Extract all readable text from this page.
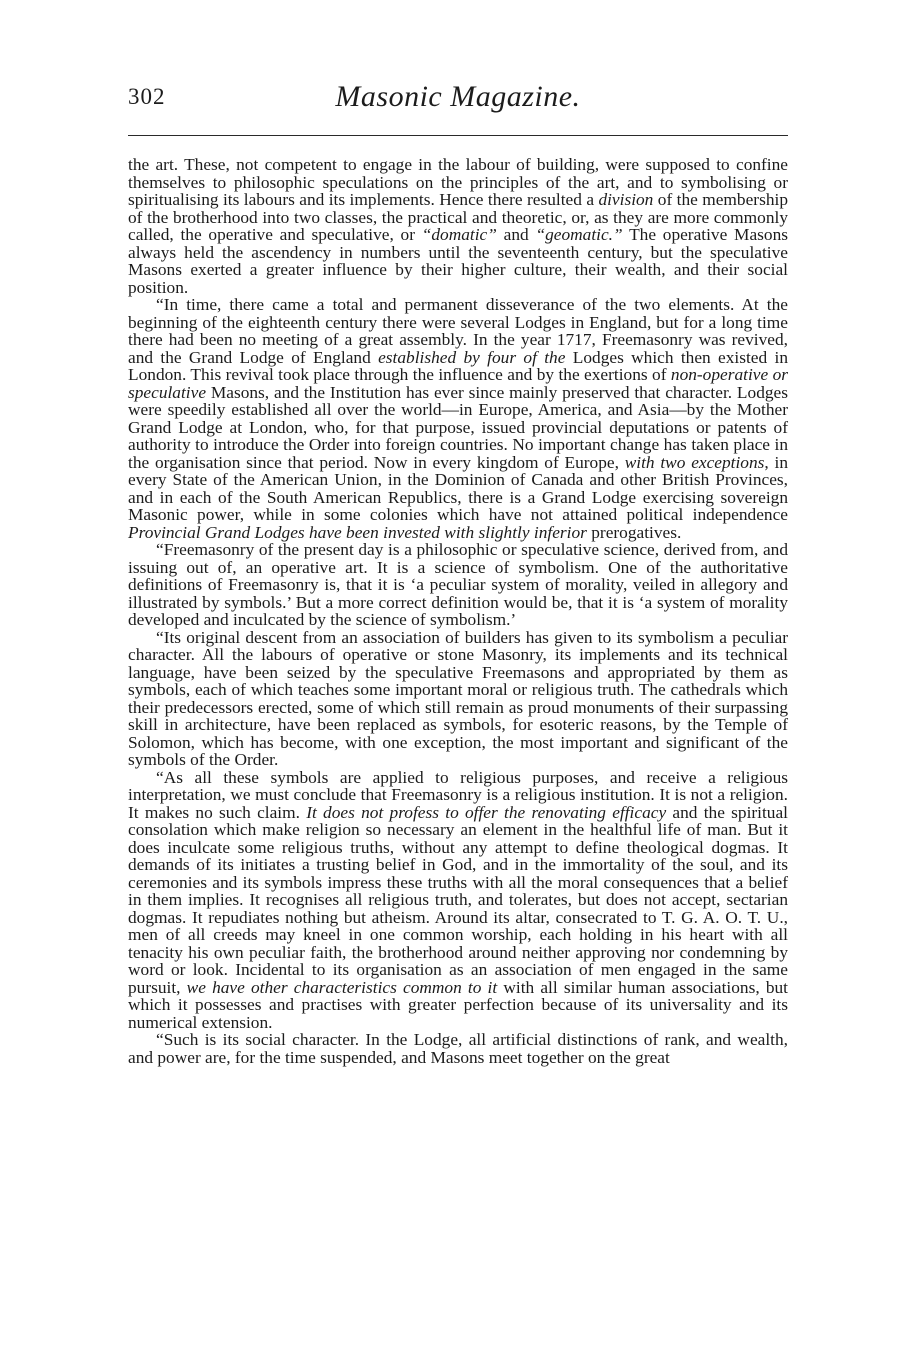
302	Masonic Magazine.

the art. These, not competent to engage in the labour of building, were supposed to confine themselves to philosophic speculations on the principles of the art, and to symbolising or spiritualising its labours and its implements. Hence there resulted a division of the membership of the brotherhood into two classes, the practical and theoretic, or, as they are more commonly called, the operative and speculative, or “domatic” and “geomatic.” The operative Masons always held the ascendency in numbers until the seventeenth century, but the speculative Masons exerted a greater influence by their higher culture, their wealth, and their social position.

“In time, there came a total and permanent disseverance of the two elements. At the beginning of the eighteenth century there were several Lodges in England, but for a long time there had been no meeting of a great assembly. In the year 1717, Freemasonry was revived, and the Grand Lodge of England established by four of the Lodges which then existed in London. This revival took place through the influence and by the exertions of non-operative or speculative Masons, and the Institution has ever since mainly preserved that character. Lodges were speedily established all over the world—in Europe, America, and Asia—by the Mother Grand Lodge at London, who, for that purpose, issued provincial deputations or patents of authority to introduce the Order into foreign countries. No important change has taken place in the organisation since that period. Now in every kingdom of Europe, with two exceptions, in every State of the American Union, in the Dominion of Canada and other British Provinces, and in each of the South American Republics, there is a Grand Lodge exercising sovereign Masonic power, while in some colonies which have not attained political independence Provincial Grand Lodges have been invested with slightly inferior prerogatives.

“Freemasonry of the present day is a philosophic or speculative science, derived from, and issuing out of, an operative art. It is a science of symbolism. One of the authoritative definitions of Freemasonry is, that it is ‘a peculiar system of morality, veiled in allegory and illustrated by symbols.’ But a more correct definition would be, that it is ‘a system of morality developed and inculcated by the science of symbolism.’

“Its original descent from an association of builders has given to its symbolism a peculiar character. All the labours of operative or stone Masonry, its implements and its technical language, have been seized by the speculative Freemasons and appropriated by them as symbols, each of which teaches some important moral or religious truth. The cathedrals which their predecessors erected, some of which still remain as proud monuments of their surpassing skill in architecture, have been replaced as symbols, for esoteric reasons, by the Temple of Solomon, which has become, with one exception, the most important and significant of the symbols of the Order.

“As all these symbols are applied to religious purposes, and receive a religious interpretation, we must conclude that Freemasonry is a religious institution. It is not a religion. It makes no such claim. It does not profess to offer the renovating efficacy and the spiritual consolation which make religion so necessary an element in the healthful life of man. But it does inculcate some religious truths, without any attempt to define theological dogmas. It demands of its initiates a trusting belief in God, and in the immortality of the soul, and its ceremonies and its symbols impress these truths with all the moral consequences that a belief in them implies. It recognises all religious truth, and tolerates, but does not accept, sectarian dogmas. It repudiates nothing but atheism. Around its altar, consecrated to T. G. A. O. T. U., men of all creeds may kneel in one common worship, each holding in his heart with all tenacity his own peculiar faith, the brotherhood around neither approving nor condemning by word or look. Incidental to its organisation as an association of men engaged in the same pursuit, we have other characteristics common to it with all similar human associations, but which it possesses and practises with greater perfection because of its universality and its numerical extension.

“Such is its social character. In the Lodge, all artificial distinctions of rank, and wealth, and power are, for the time suspended, and Masons meet together on the great
